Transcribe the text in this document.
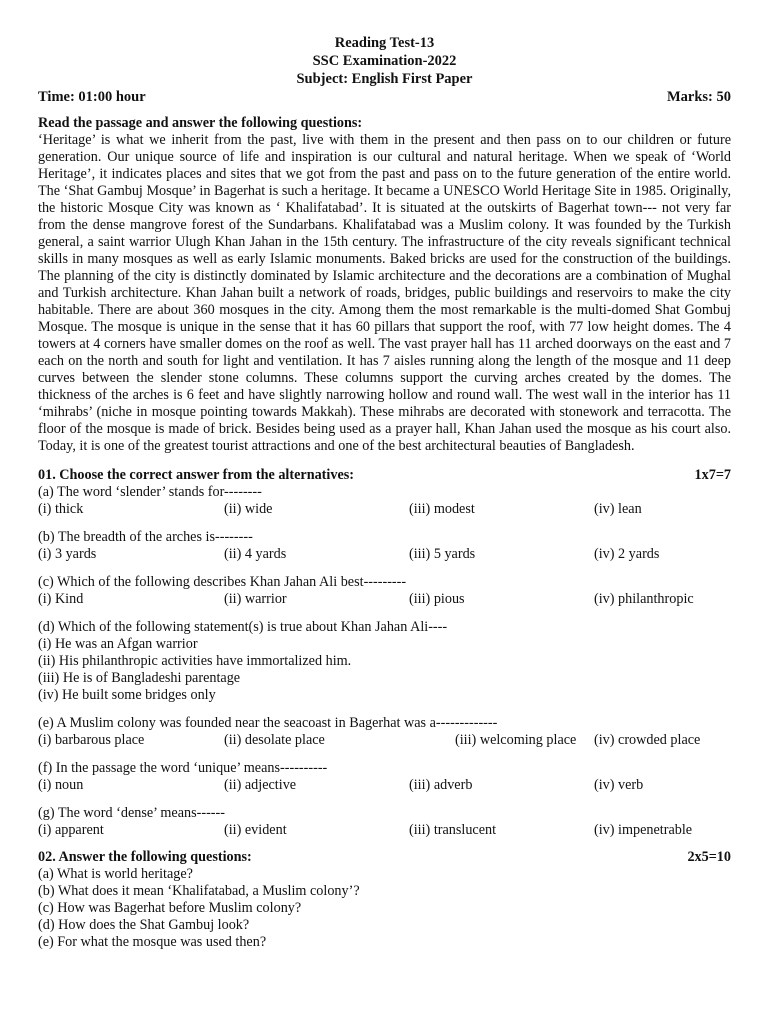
Reading Test-13
SSC Examination-2022
Subject: English First Paper
Time: 01:00 hour	Marks: 50
Read the passage and answer the following questions:

‘Heritage’ is what we inherit from the past, live with them in the present and then pass on to our children or future generation. Our unique source of life and inspiration is our cultural and natural heritage. When we speak of ‘World Heritage’, it indicates places and sites that we got from the past and pass on to the future generation of the entire world. The ‘Shat Gambuj Mosque’ in Bagerhat is such a heritage. It became a UNESCO World Heritage Site in 1985. Originally, the historic Mosque City was known as ‘ Khalifatabad’. It is situated at the outskirts of Bagerhat town--- not very far from the dense mangrove forest of the Sundarbans. Khalifatabad was a Muslim colony. It was founded by the Turkish general, a saint warrior Ulugh Khan Jahan in the 15th century. The infrastructure of the city reveals significant technical skills in many mosques as well as early Islamic monuments. Baked bricks are used for the construction of the buildings. The planning of the city is distinctly dominated by Islamic architecture and the decorations are a combination of Mughal and Turkish architecture. Khan Jahan built a network of roads, bridges, public buildings and reservoirs to make the city habitable. There are about 360 mosques in the city. Among them the most remarkable is the multi-domed Shat Gombuj Mosque. The mosque is unique in the sense that it has 60 pillars that support the roof, with 77 low height domes. The 4 towers at 4 corners have smaller domes on the roof as well. The vast prayer hall has 11 arched doorways on the east and 7 each on the north and south for light and ventilation. It has 7 aisles running along the length of the mosque and 11 deep curves between the slender stone columns. These columns support the curving arches created by the domes. The thickness of the arches is 6 feet and have slightly narrowing hollow and round wall. The west wall in the interior has 11 ‘mihrabs’ (niche in mosque pointing towards Makkah). These mihrabs are decorated with stonework and terracotta. The floor of the mosque is made of brick. Besides being used as a prayer hall, Khan Jahan used the mosque as his court also. Today, it is one of the greatest tourist attractions and one of the best architectural beauties of Bangladesh.

01. Choose the correct answer from the alternatives:	1x7=7
(a) The word ‘slender’ stands for--------
(i) thick	(ii) wide	(iii) modest	(iv) lean
(b) The breadth of the arches is--------
(i) 3 yards	(ii) 4 yards	(iii) 5 yards	(iv) 2 yards
(c) Which of the following describes Khan Jahan Ali best---------
(i) Kind	(ii) warrior	(iii) pious	(iv) philanthropic
(d) Which of the following statement(s) is true about Khan Jahan Ali----
(i) He was an Afgan warrior
(ii) His philanthropic activities have immortalized him.
(iii) He is of Bangladeshi parentage
(iv) He built some bridges only
(e) A Muslim colony was founded near the seacoast in Bagerhat was a-------------
(i) barbarous place	(ii) desolate place	(iii) welcoming place (iv) crowded place
(f) In the passage the word ‘unique’ means----------
(i) noun	(ii) adjective	(iii) adverb	(iv) verb
(g) The word ‘dense’ means------
(i) apparent	(ii) evident	(iii) translucent	(iv) impenetrable
02. Answer the following questions:	2x5=10
(a) What is world heritage?
(b) What does it mean ‘Khalifatabad, a Muslim colony’?
(c) How was Bagerhat before Muslim colony?
(d) How does the Shat Gambuj look?
(e) For what the mosque was used then?
